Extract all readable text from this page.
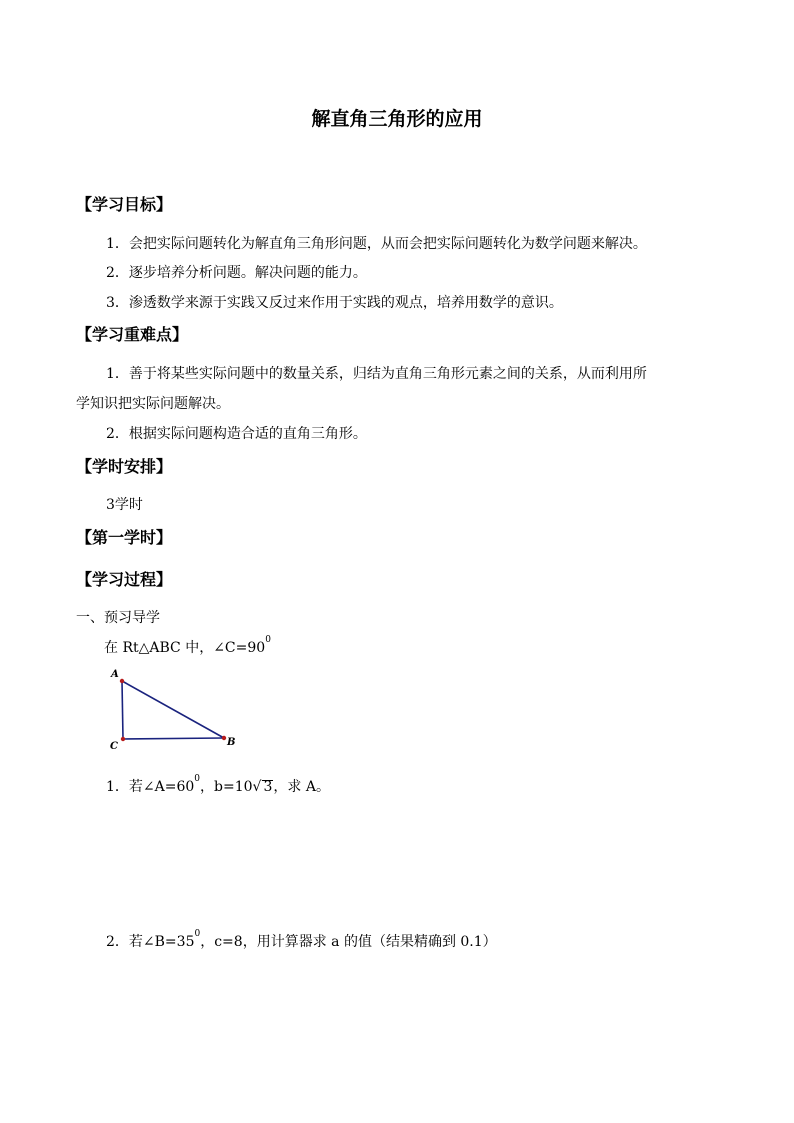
解直角三角形的应用
【学习目标】
1．会把实际问题转化为解直角三角形问题，从而会把实际问题转化为数学问题来解决。
2．逐步培养分析问题。解决问题的能力。
3．渗透数学来源于实践又反过来作用于实践的观点，培养用数学的意识。
【学习重难点】
1．善于将某些实际问题中的数量关系，归结为直角三角形元素之间的关系，从而利用所
学知识把实际问题解决。
2．根据实际问题构造合适的直角三角形。
【学时安排】
3学时
【第一学时】
【学习过程】
一、预习导学
在 Rt△ABC 中，$\angle C=90^0$
A
C	B
1．若$\angle A=60^0$，b=10√ 3，求 A。
2．若$\angle B=35^0$，c=8，用计算器求 a 的值（结果精确到 0.1）
